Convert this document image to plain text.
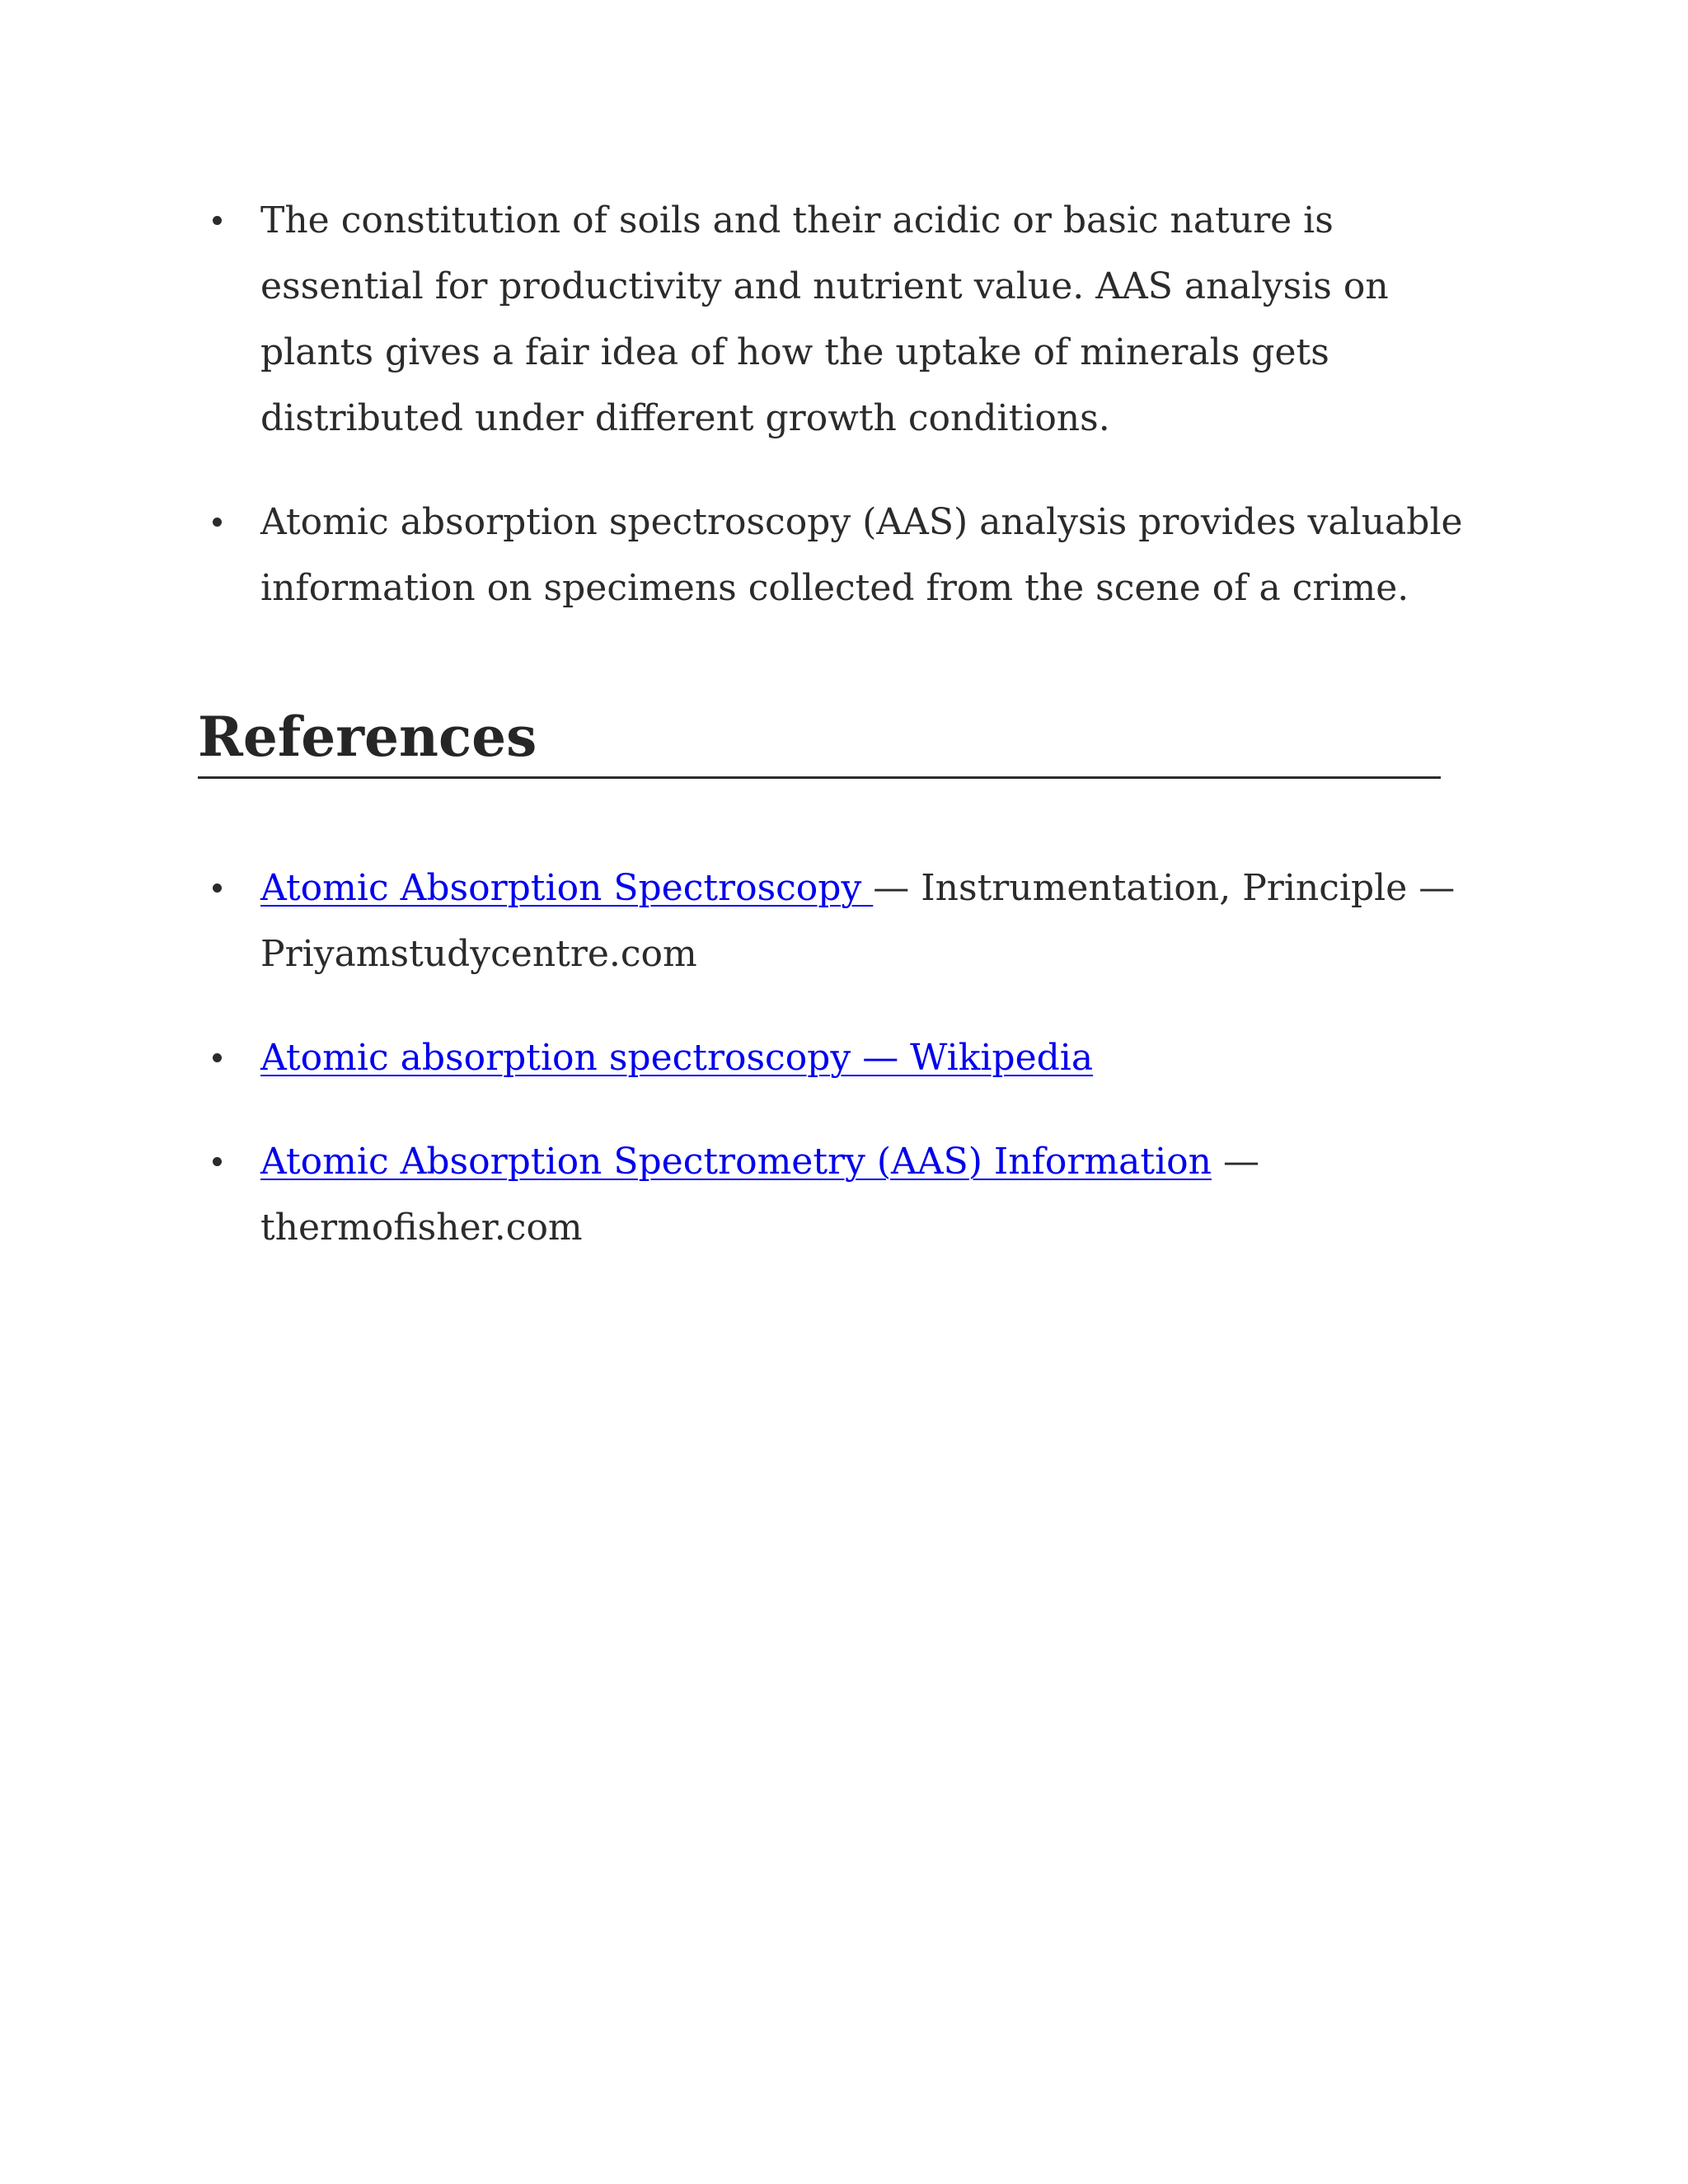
The constitution of soils and their acidic or basic nature is essential for productivity and nutrient value. AAS analysis on plants gives a fair idea of how the uptake of minerals gets distributed under different growth conditions.
Atomic absorption spectroscopy (AAS) analysis provides valuable information on specimens collected from the scene of a crime.
References
Atomic Absorption Spectroscopy — Instrumentation, Principle — Priyamstudycentre.com
Atomic absorption spectroscopy — Wikipedia
Atomic Absorption Spectrometry (AAS) Information — thermofisher.com
